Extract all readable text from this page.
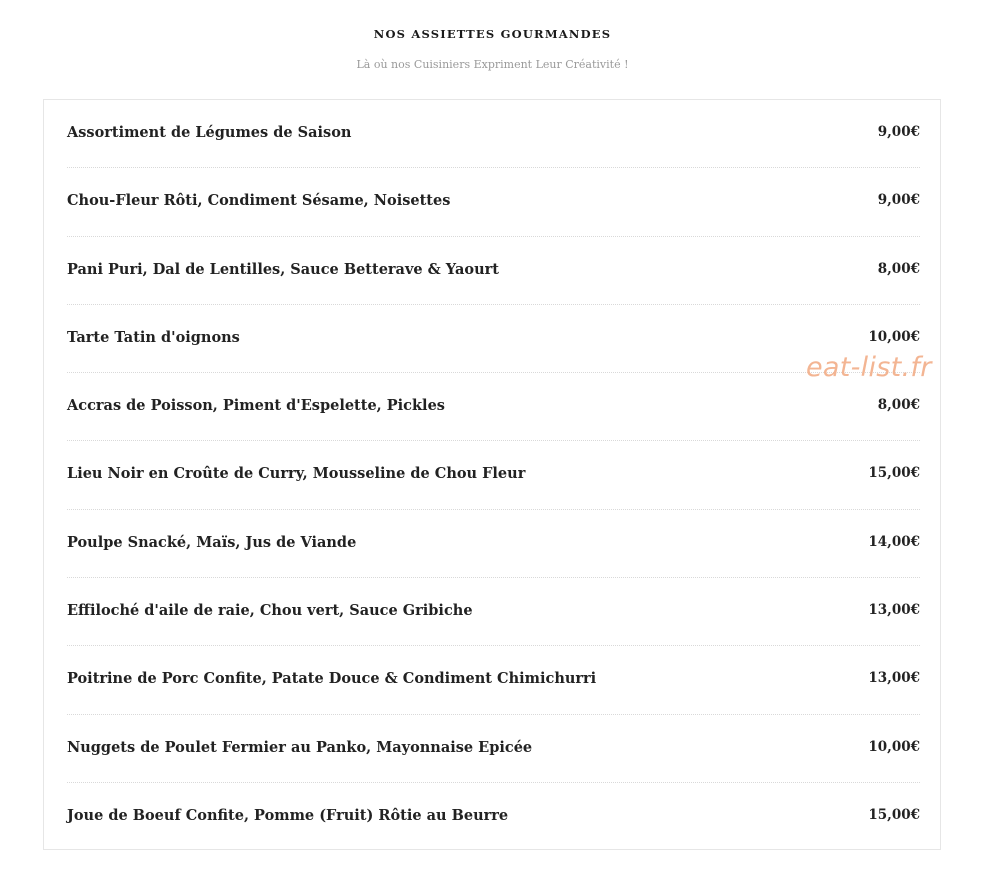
NOS ASSIETTES GOURMANDES
Là où nos Cuisiniers Expriment Leur Créativité !
Assortiment de Légumes de Saison	9,00€
Chou-Fleur Rôti, Condiment Sésame, Noisettes	9,00€
Pani Puri, Dal de Lentilles, Sauce Betterave & Yaourt	8,00€
Tarte Tatin d'oignons	10,00€
Accras de Poisson, Piment d'Espelette, Pickles	8,00€
Lieu Noir en Croûte de Curry, Mousseline de Chou Fleur	15,00€
Poulpe Snacké, Maïs, Jus de Viande	14,00€
Effiloché d'aile de raie, Chou vert, Sauce Gribiche	13,00€
Poitrine de Porc Confite, Patate Douce & Condiment Chimichurri	13,00€
Nuggets de Poulet Fermier au Panko, Mayonnaise Epicée	10,00€
Joue de Boeuf Confite, Pomme (Fruit) Rôtie au Beurre	15,00€
eat-list.fr
